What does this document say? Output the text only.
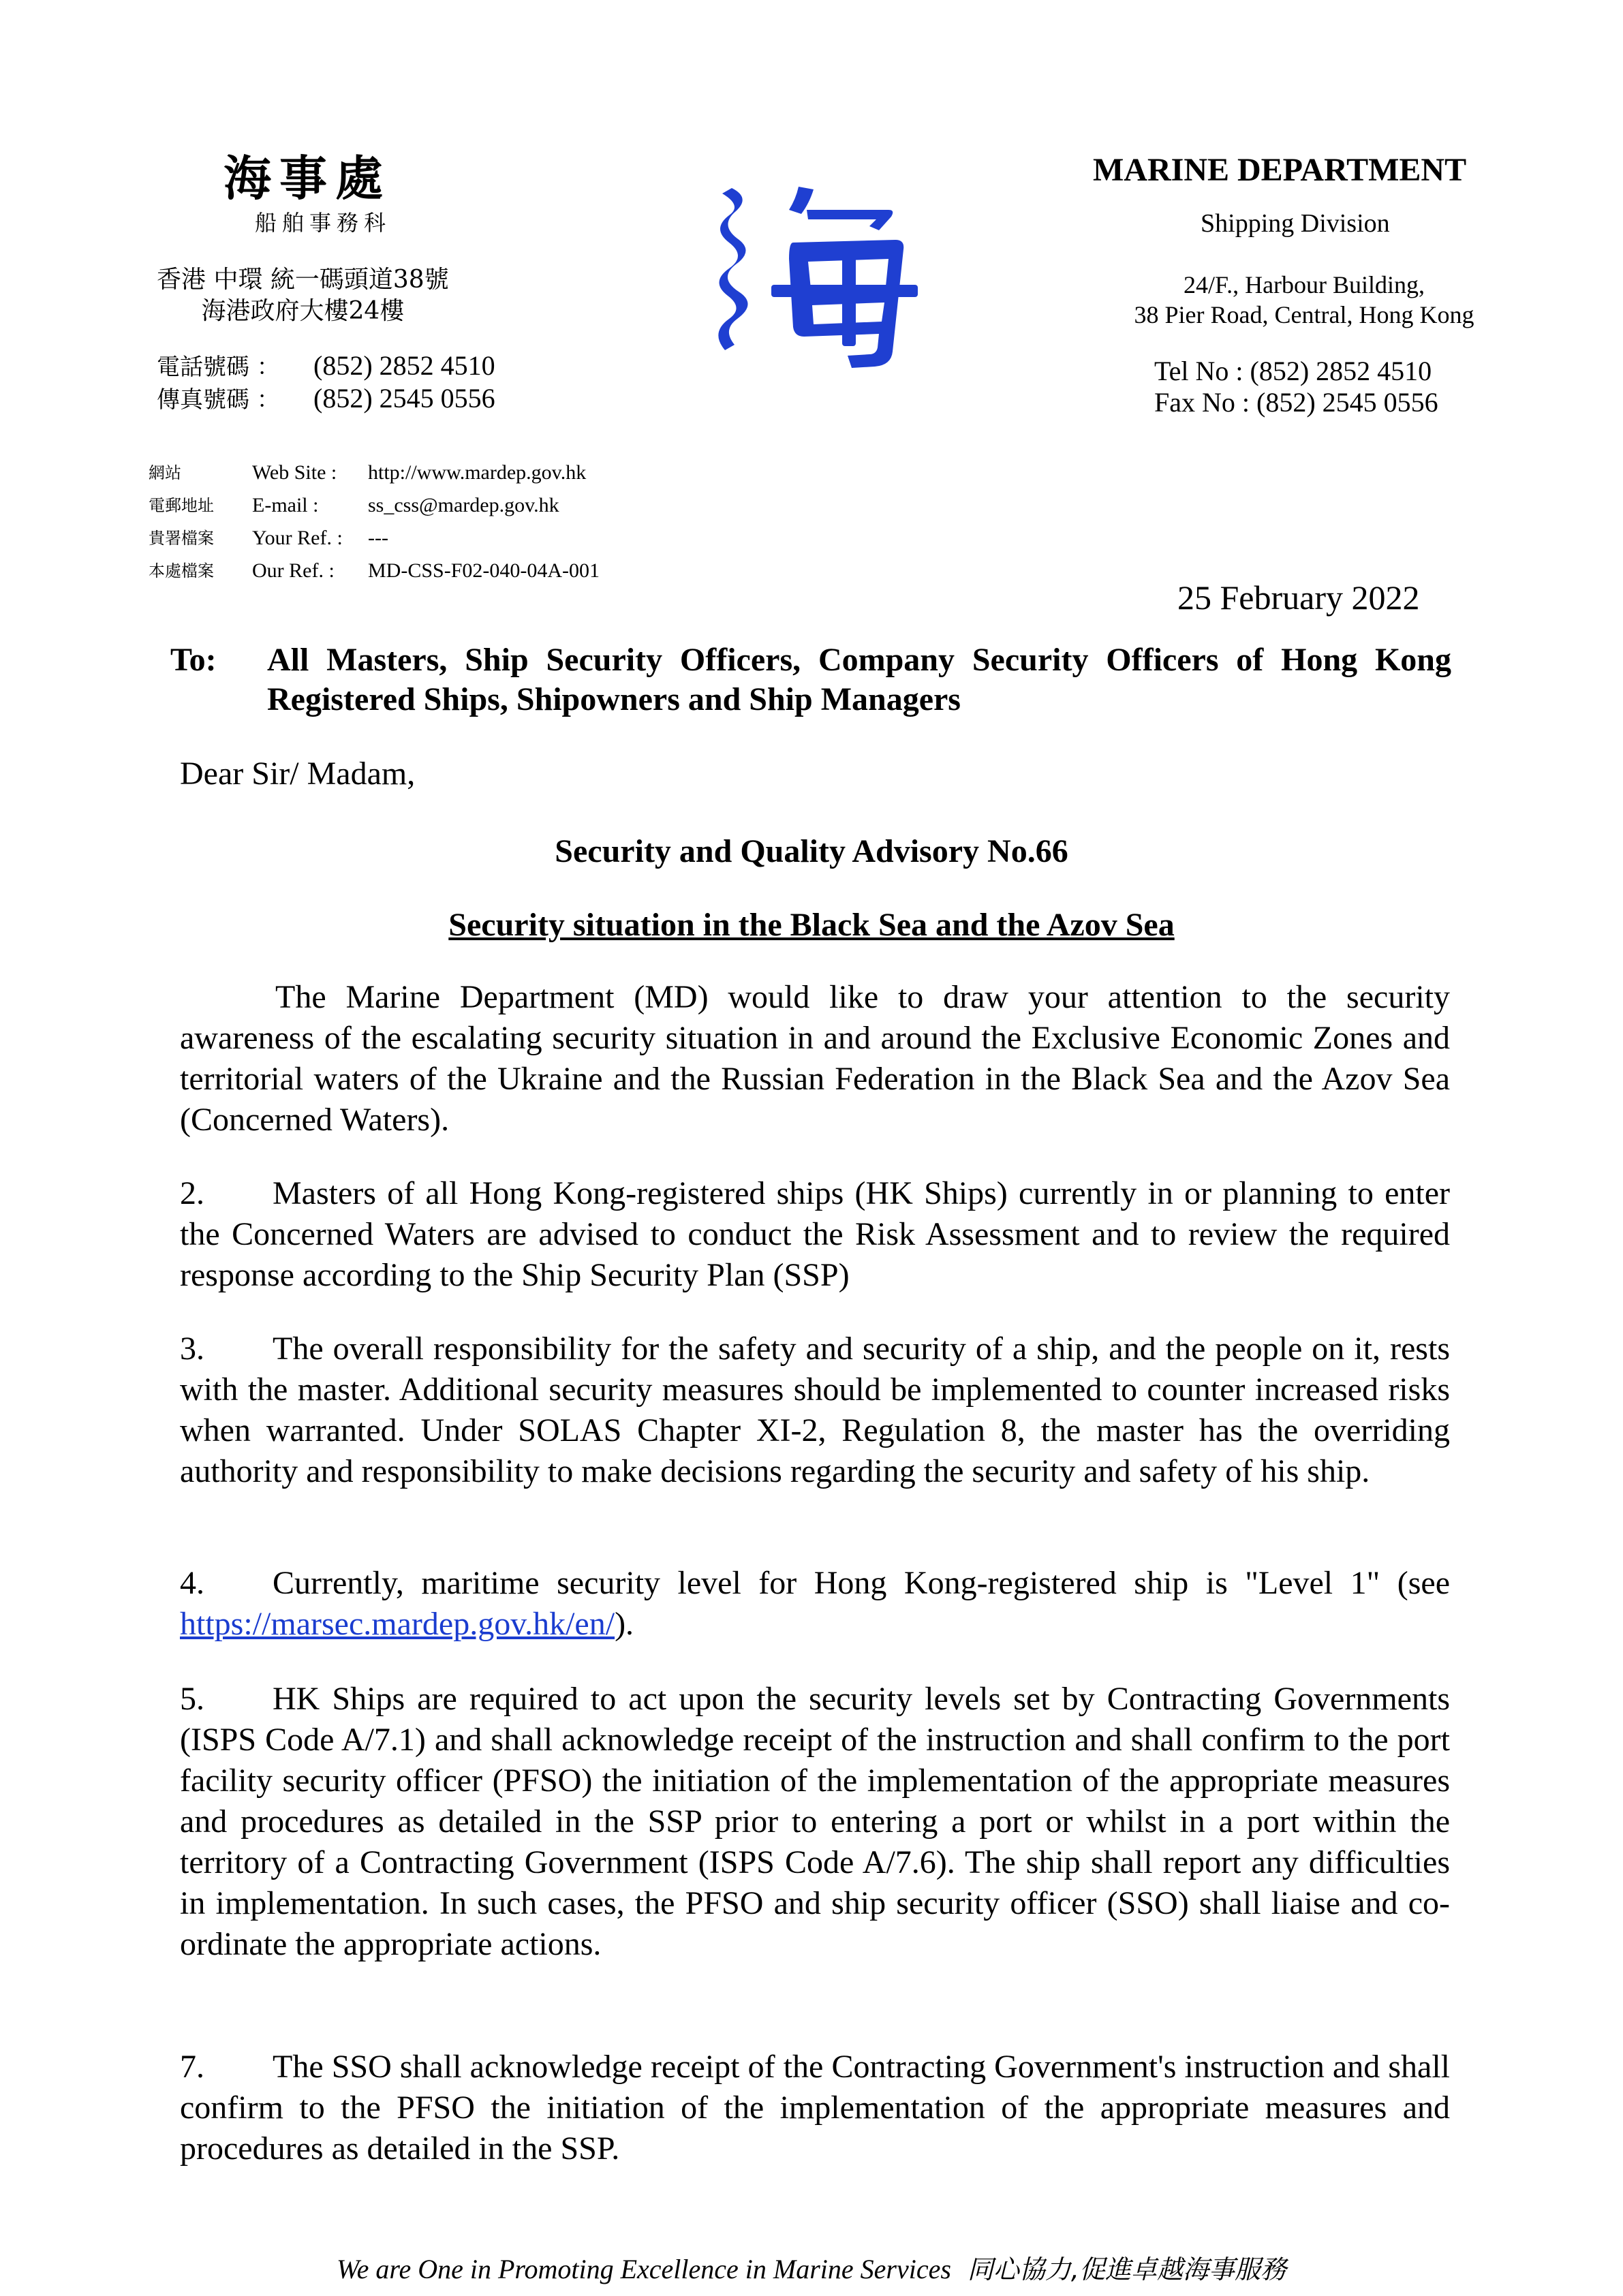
海事處
船舶事務科
香港 中環 統一碼頭道38號
海港政府大樓24樓
電話號碼 ： (852) 2852 4510
傳真號碼 ： (852) 2545 0556
網站	Web Site :	http://www.mardep.gov.hk
電郵地址	E-mail :	ss_css@mardep.gov.hk
貴署檔案	Your Ref. :	---
本處檔案	Our Ref. :	MD-CSS-F02-040-04A-001
MARINE DEPARTMENT
Shipping Division
24/F., Harbour Building,
38 Pier Road, Central, Hong Kong
Tel No : (852) 2852 4510
Fax No : (852) 2545 0556
25 February 2022
To: All Masters, Ship Security Officers, Company Security Officers of Hong Kong Registered Ships, Shipowners and Ship Managers
Dear Sir/ Madam,
Security and Quality Advisory No.66
Security situation in the Black Sea and the Azov Sea
The Marine Department (MD) would like to draw your attention to the security awareness of the escalating security situation in and around the Exclusive Economic Zones and territorial waters of the Ukraine and the Russian Federation in the Black Sea and the Azov Sea (Concerned Waters).
2. Masters of all Hong Kong-registered ships (HK Ships) currently in or planning to enter the Concerned Waters are advised to conduct the Risk Assessment and to review the required response according to the Ship Security Plan (SSP)
3. The overall responsibility for the safety and security of a ship, and the people on it, rests with the master. Additional security measures should be implemented to counter increased risks when warranted. Under SOLAS Chapter XI-2, Regulation 8, the master has the overriding authority and responsibility to make decisions regarding the security and safety of his ship.
4. Currently, maritime security level for Hong Kong-registered ship is "Level 1" (see https://marsec.mardep.gov.hk/en/).
5. HK Ships are required to act upon the security levels set by Contracting Governments (ISPS Code A/7.1) and shall acknowledge receipt of the instruction and shall confirm to the port facility security officer (PFSO) the initiation of the implementation of the appropriate measures and procedures as detailed in the SSP prior to entering a port or whilst in a port within the territory of a Contracting Government (ISPS Code A/7.6). The ship shall report any difficulties in implementation. In such cases, the PFSO and ship security officer (SSO) shall liaise and co-ordinate the appropriate actions.
7. The SSO shall acknowledge receipt of the Contracting Government's instruction and shall confirm to the PFSO the initiation of the implementation of the appropriate measures and procedures as detailed in the SSP.
We are One in Promoting Excellence in Marine Services 同心協力,促進卓越海事服務
